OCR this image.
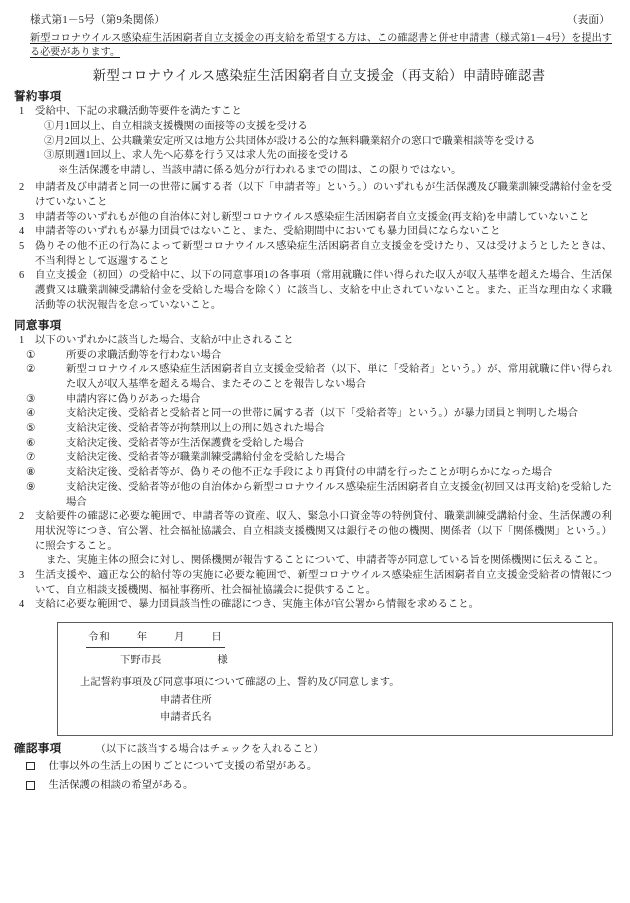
様式第1－5号（第9条関係）	（表面）
新型コロナウイルス感染症生活困窮者自立支援金の再支給を希望する方は、この確認書と併せ申請書（様式第1－4号）を提出する必要があります。
新型コロナウイルス感染症生活困窮者自立支援金（再支給）申請時確認書
誓約事項
1	受給中、下記の求職活動等要件を満たすこと
①月1回以上、自立相談支援機関の面接等の支援を受ける
②月2回以上、公共職業安定所又は地方公共団体が設ける公的な無料職業紹介の窓口で職業相談等を受ける
③原則週1回以上、求人先へ応募を行う又は求人先の面接を受ける
※生活保護を申請し、当該申請に係る処分が行われるまでの間は、この限りではない。
2	申請者及び申請者と同一の世帯に属する者（以下「申請者等」という。）のいずれもが生活保護及び職業訓練受講給付金を受けていないこと
3	申請者等のいずれもが他の自治体に対し新型コロナウイルス感染症生活困窮者自立支援金(再支給)を申請していないこと
4	申請者等のいずれもが暴力団員ではないこと、また、受給期間中においても暴力団員にならないこと
5	偽りその他不正の行為によって新型コロナウイルス感染症生活困窮者自立支援金を受けたり、又は受けようとしたときは、不当利得として返還すること
6	自立支援金（初回）の受給中に、以下の同意事項1の各事項（常用就職に伴い得られた収入が収入基準を超えた場合、生活保護費又は職業訓練受講給付金を受給した場合を除く）に該当し、支給を中止されていないこと。また、正当な理由なく求職活動等の状況報告を怠っていないこと。
同意事項
1	以下のいずれかに該当した場合、支給が中止されること
①	所要の求職活動等を行わない場合
②	新型コロナウイルス感染症生活困窮者自立支援金受給者（以下、単に「受給者」という。）が、常用就職に伴い得られた収入が収入基準を超える場合、またそのことを報告しない場合
③	申請内容に偽りがあった場合
④	支給決定後、受給者と受給者と同一の世帯に属する者（以下「受給者等」という。）が暴力団員と判明した場合
⑤	支給決定後、受給者等が拘禁刑以上の刑に処された場合
⑥	支給決定後、受給者等が生活保護費を受給した場合
⑦	支給決定後、受給者等が職業訓練受講給付金を受給した場合
⑧	支給決定後、受給者等が、偽りその他不正な手段により再貸付の申請を行ったことが明らかになった場合
⑨	支給決定後、受給者等が他の自治体から新型コロナウイルス感染症生活困窮者自立支援金(初回又は再支給)を受給した場合
2	支給要件の確認に必要な範囲で、申請者等の資産、収入、緊急小口資金等の特例貸付、職業訓練受講給付金、生活保護の利用状況等につき、官公署、社会福祉協議会、自立相談支援機関又は銀行その他の機関、関係者（以下「関係機関」という。）に照会すること。
また、実施主体の照会に対し、関係機関が報告することについて、申請者等が同意している旨を関係機関に伝えること。
3	生活支援や、適正な公的給付等の実施に必要な範囲で、新型コロナウイルス感染症生活困窮者自立支援金受給者の情報について、自立相談支援機関、福祉事務所、社会福祉協議会に提供すること。
4	支給に必要な範囲で、暴力団員該当性の確認につき、実施主体が官公署から情報を求めること。
令和	年	月	日
下野市長	様
上記誓約事項及び同意事項について確認の上、誓約及び同意します。
申請者住所
申請者氏名
確認事項	（以下に該当する場合はチェックを入れること）
仕事以外の生活上の困りごとについて支援の希望がある。
生活保護の相談の希望がある。
